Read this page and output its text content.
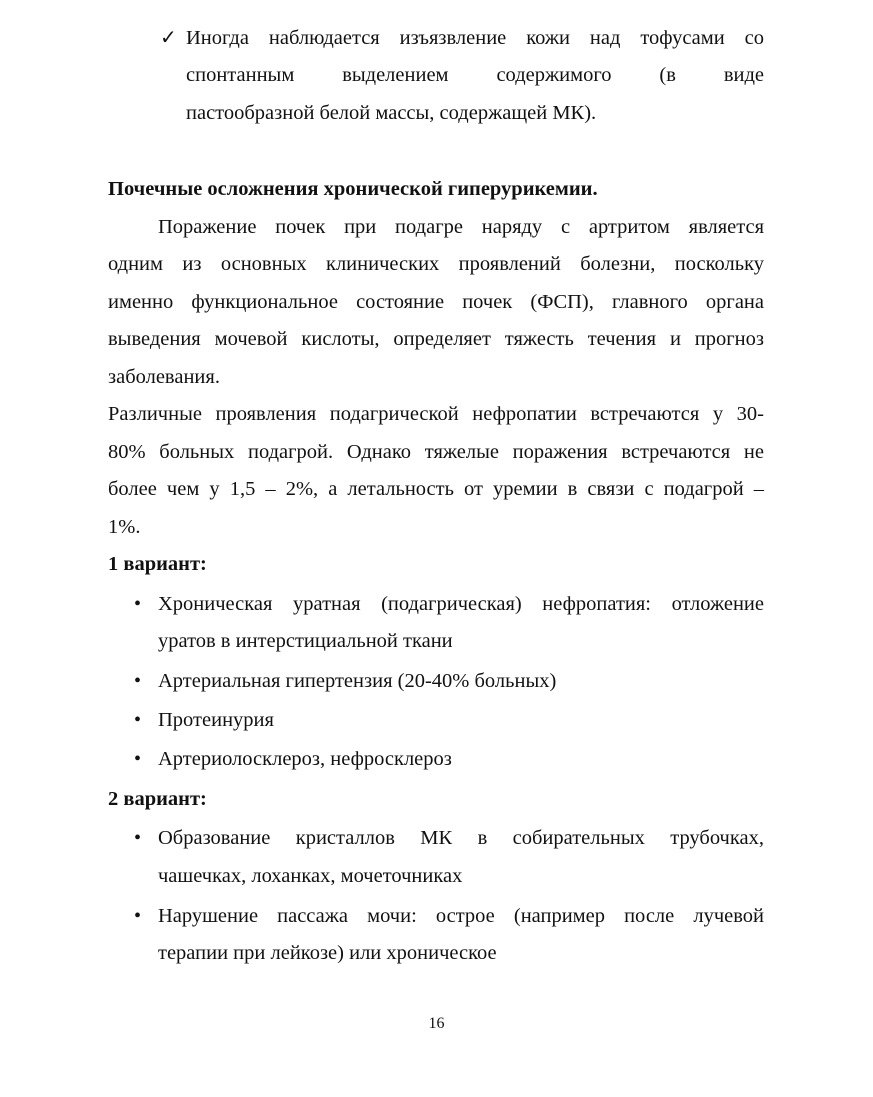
✓ Иногда наблюдается изъязвление кожи над тофусами со
спонтанным выделением содержимого (в виде
пастообразной белой массы, содержащей МК).
Почечные осложнения хронической гиперурикемии.
Поражение почек при подагре наряду с артритом является
одним из основных клинических проявлений болезни, поскольку
именно функциональное состояние почек (ФСП), главного органа
выведения мочевой кислоты, определяет тяжесть течения и прогноз
заболевания.
Различные проявления подагрической нефропатии встречаются у 30-
80% больных подагрой. Однако тяжелые поражения встречаются не
более чем у 1,5 – 2%, а летальность от уремии в связи с подагрой –
1%.
1 вариант:
• Хроническая уратная (подагрическая) нефропатия: отложение
уратов в интерстициальной ткани
• Артериальная гипертензия (20-40% больных)
• Протеинурия
• Артериолосклероз, нефросклероз
2 вариант:
• Образование кристаллов МК в собирательных трубочках,
чашечках, лоханках, мочеточниках
• Нарушение пассажа мочи: острое (например после лучевой
терапии при лейкозе) или хроническое
16
